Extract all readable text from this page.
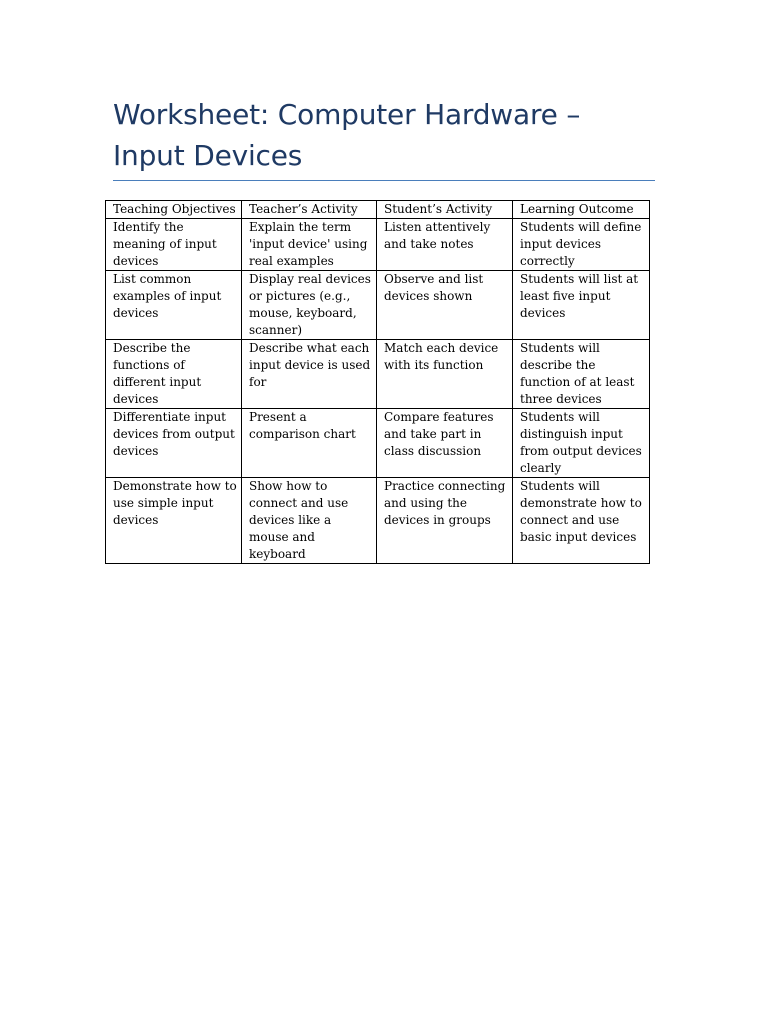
Worksheet: Computer Hardware – Input Devices
Teaching Objectives	Teacher’s Activity	Student’s Activity	Learning Outcome
Identify the meaning of input devices	Explain the term 'input device' using real examples	Listen attentively and take notes	Students will define input devices correctly
List common examples of input devices	Display real devices or pictures (e.g., mouse, keyboard, scanner)	Observe and list devices shown	Students will list at least five input devices
Describe the functions of different input devices	Describe what each input device is used for	Match each device with its function	Students will describe the function of at least three devices
Differentiate input devices from output devices	Present a comparison chart	Compare features and take part in class discussion	Students will distinguish input from output devices clearly
Demonstrate how to use simple input devices	Show how to connect and use devices like a mouse and keyboard	Practice connecting and using the devices in groups	Students will demonstrate how to connect and use basic input devices
